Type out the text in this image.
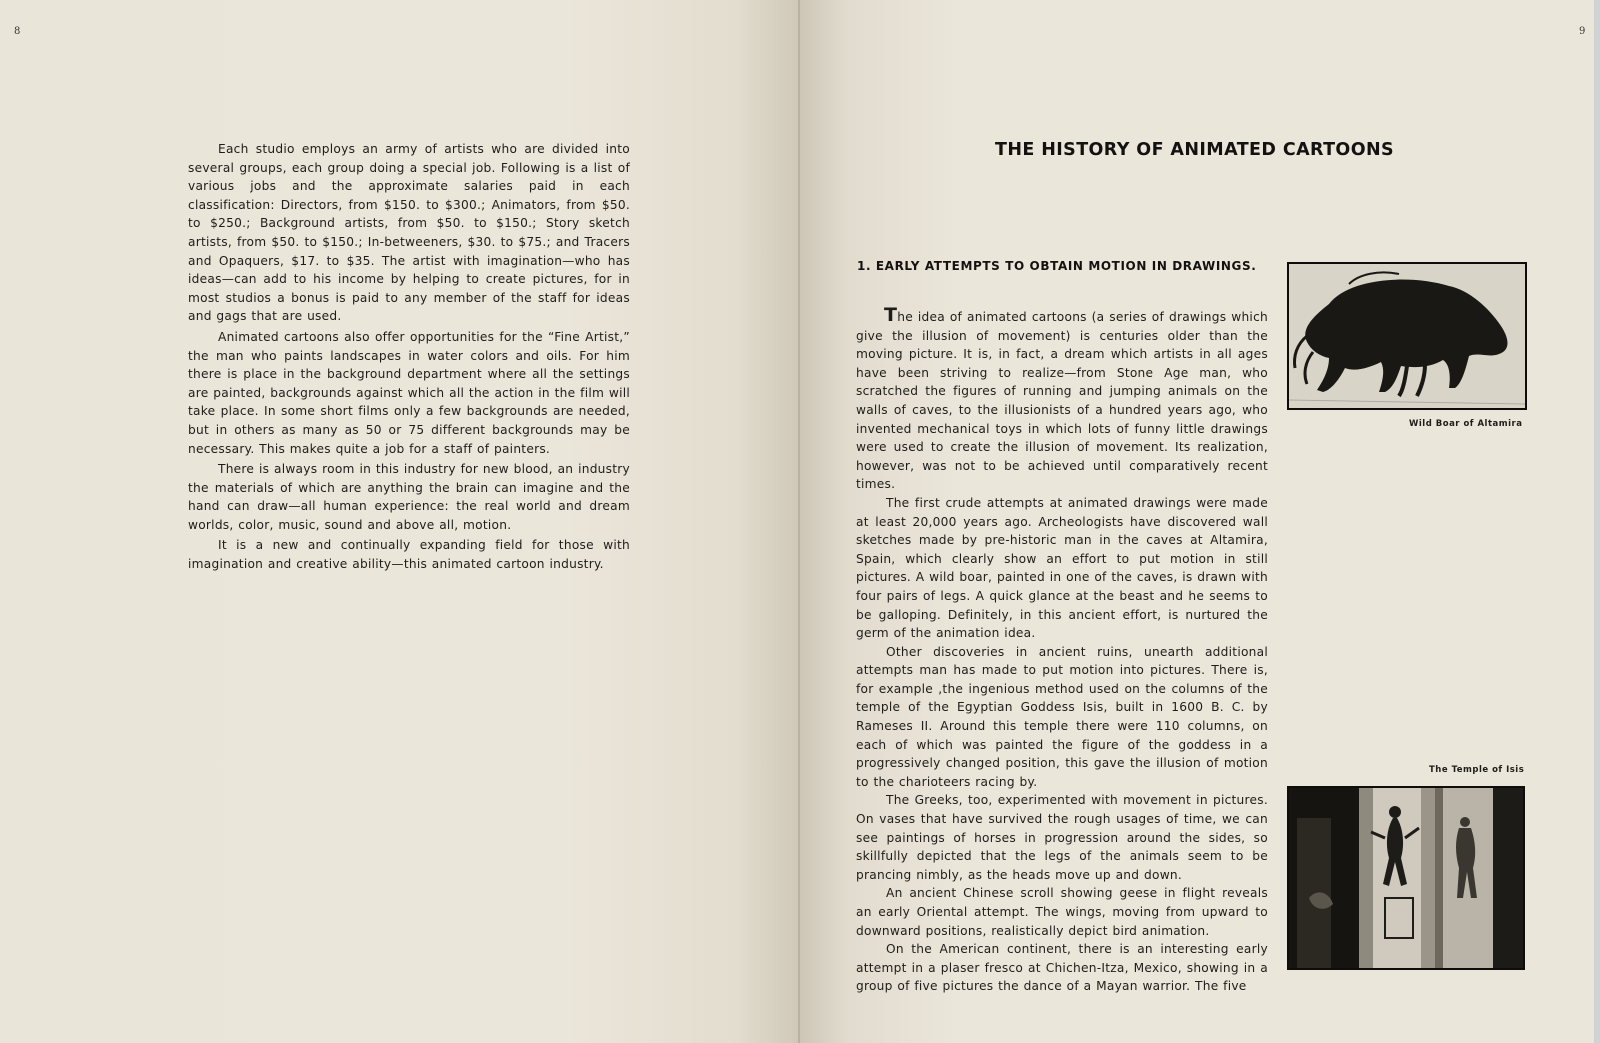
8

Each studio employs an army of artists who are divided into several groups, each group doing a special job. Following is a list of various jobs and the approximate salaries paid in each classification: Directors, from $150. to $300.; Animators, from $50. to $250.; Background artists, from $50. to $150.; Story sketch artists, from $50. to $150.; In-betweeners, $30. to $75.; and Tracers and Opaquers, $17. to $35. The artist with imagination—who has ideas—can add to his income by helping to create pictures, for in most studios a bonus is paid to any member of the staff for ideas and gags that are used.

Animated cartoons also offer opportunities for the “Fine Artist,” the man who paints landscapes in water colors and oils. For him there is place in the background department where all the settings are painted, backgrounds against which all the action in the film will take place. In some short films only a few backgrounds are needed, but in others as many as 50 or 75 different backgrounds may be necessary. This makes quite a job for a staff of painters.

There is always room in this industry for new blood, an industry the materials of which are anything the brain can imagine and the hand can draw—all human experience: the real world and dream worlds, color, music, sound and above all, motion.

It is a new and continually expanding field for those with imagination and creative ability—this animated cartoon industry.

9
THE HISTORY OF ANIMATED CARTOONS
1. EARLY ATTEMPTS TO OBTAIN MOTION IN DRAWINGS.

The idea of animated cartoons (a series of drawings which give the illusion of movement) is centuries older than the moving picture. It is, in fact, a dream which artists in all ages have been striving to realize—from Stone Age man, who scratched the figures of running and jumping animals on the walls of caves, to the illusionists of a hundred years ago, who invented mechanical toys in which lots of funny little drawings were used to create the illusion of movement. Its realization, however, was not to be achieved until comparatively recent times.

The first crude attempts at animated drawings were made at least 20,000 years ago. Archeologists have discovered wall sketches made by pre-historic man in the caves at Altamira, Spain, which clearly show an effort to put motion in still pictures. A wild boar, painted in one of the caves, is drawn with four pairs of legs. A quick glance at the beast and he seems to be galloping. Definitely, in this ancient effort, is nurtured the germ of the animation idea.

Other discoveries in ancient ruins, unearth additional attempts man has made to put motion into pictures. There is, for example ,the ingenious method used on the columns of the temple of the Egyptian Goddess Isis, built in 1600 B. C. by Rameses II. Around this temple there were 110 columns, on each of which was painted the figure of the goddess in a progressively changed position, this gave the illusion of motion to the charioteers racing by.

The Greeks, too, experimented with movement in pictures. On vases that have survived the rough usages of time, we can see paintings of horses in progression around the sides, so skillfully depicted that the legs of the animals seem to be prancing nimbly, as the heads move up and down.

An ancient Chinese scroll showing geese in flight reveals an early Oriental attempt. The wings, moving from upward to downward positions, realistically depict bird animation.

On the American continent, there is an interesting early attempt in a plaser fresco at Chichen-Itza, Mexico, showing in a group of five pictures the dance of a Mayan warrior. The five

Wild Boar of Altamira
The Temple of Isis
